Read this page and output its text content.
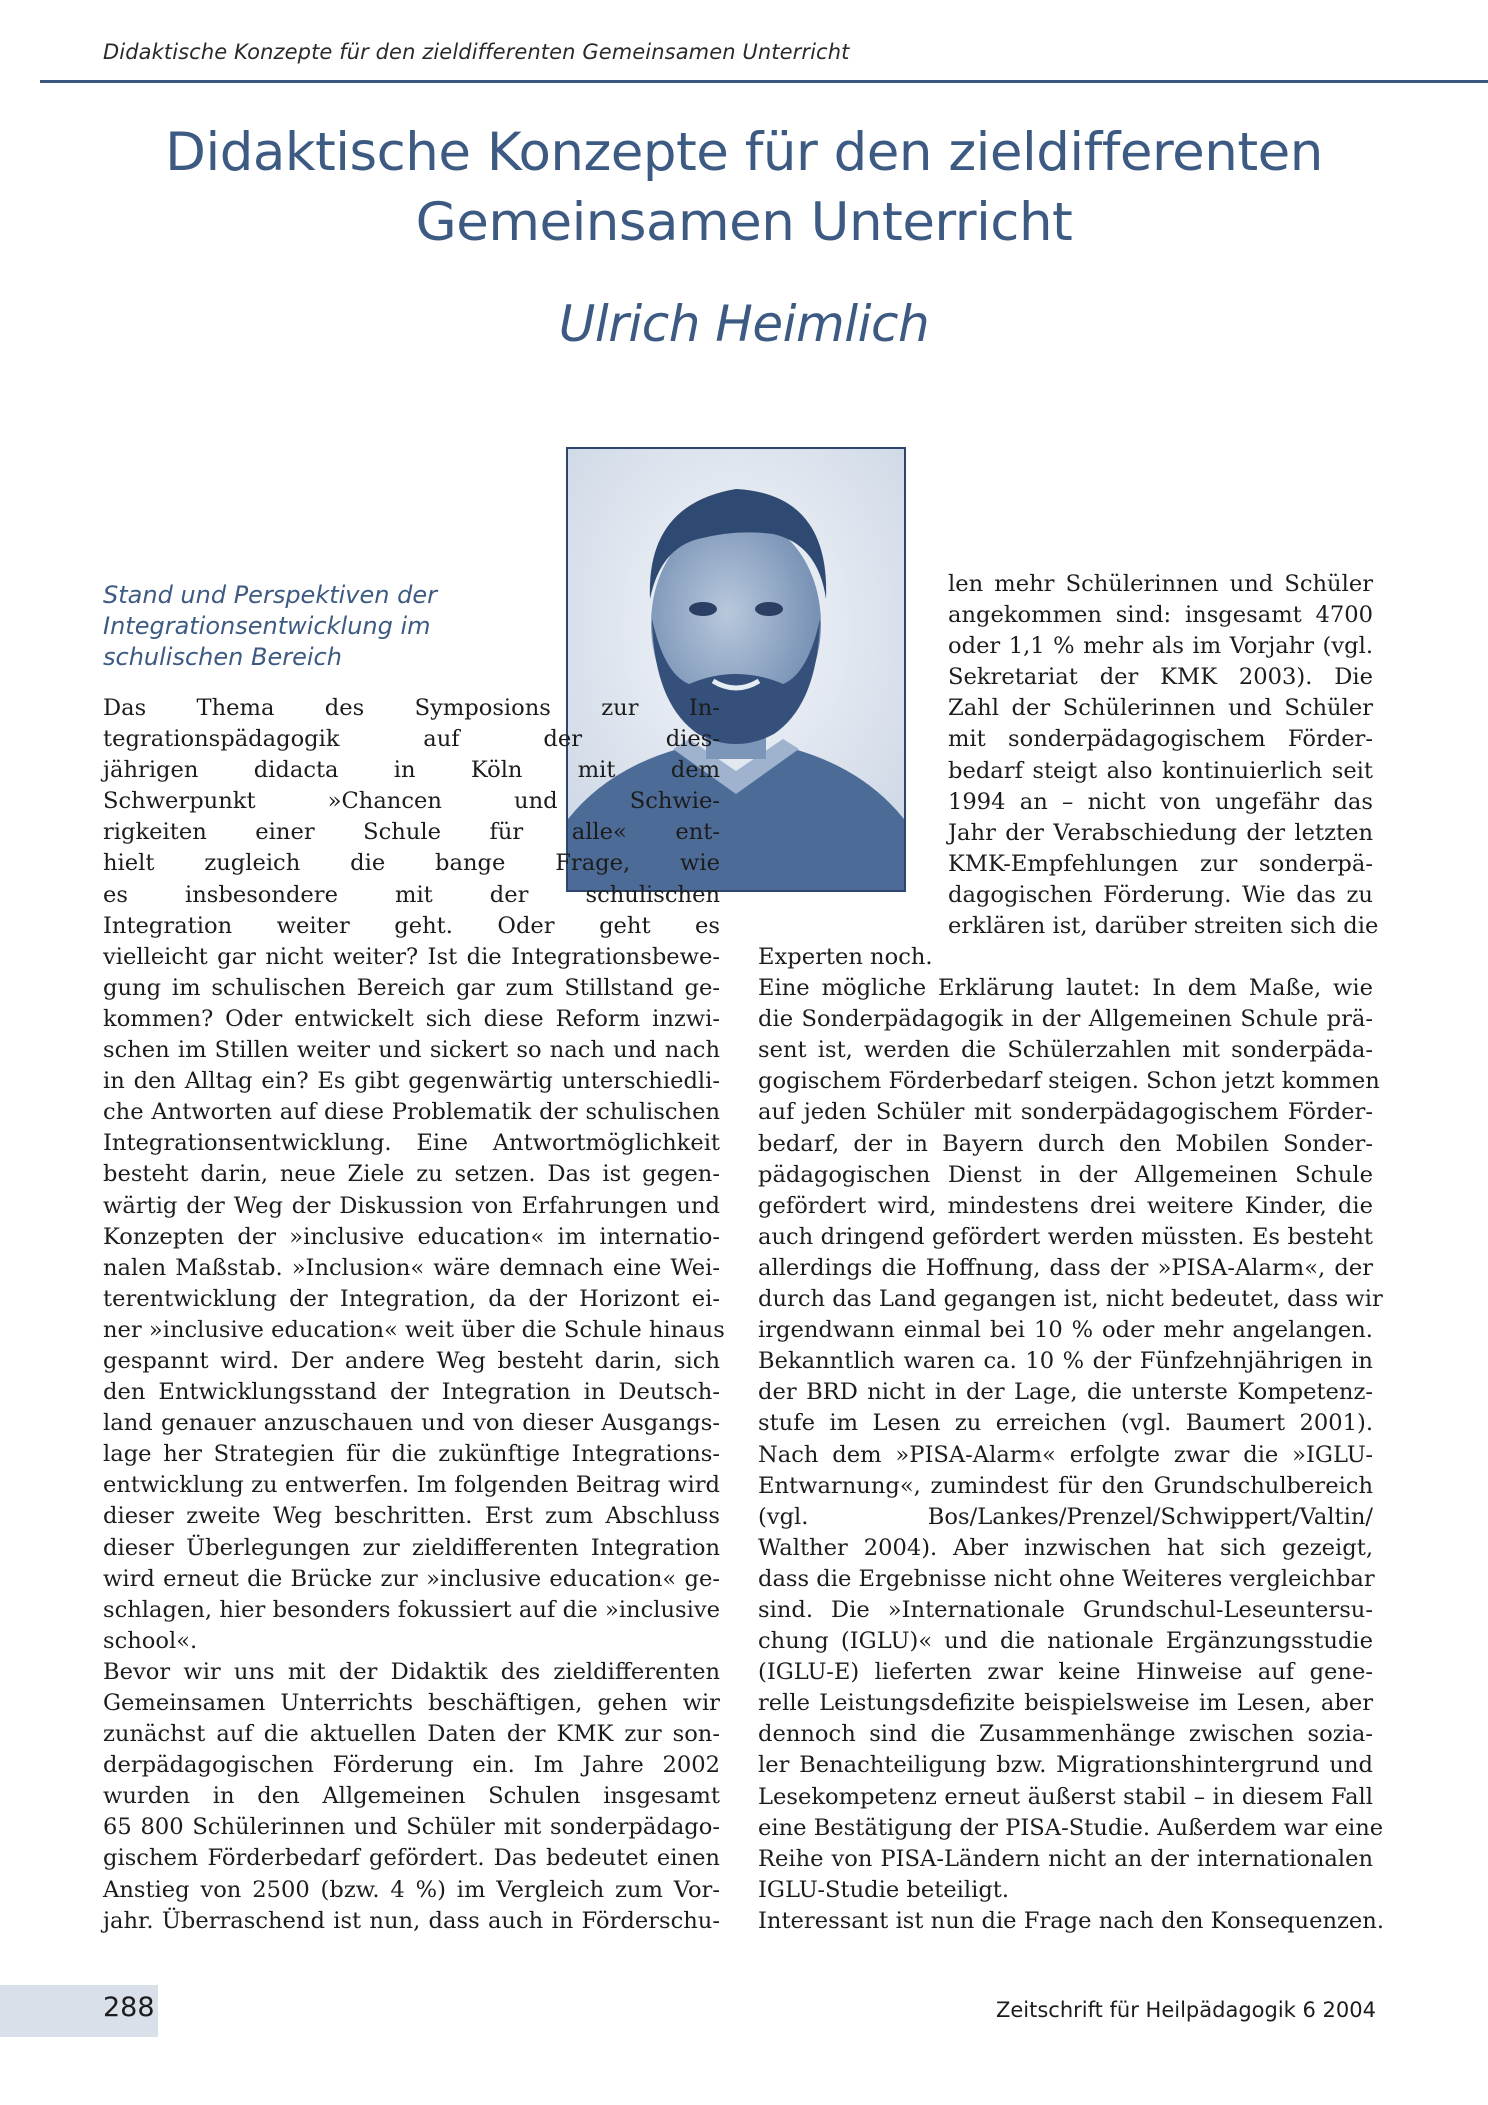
Didaktische Konzepte für den zieldifferenten Gemeinsamen Unterricht
Didaktische Konzepte für den zieldifferenten
Gemeinsamen Unterricht
Ulrich Heimlich
Stand und Perspektiven der
Integrationsentwicklung im
schulischen Bereich
Das Thema des Symposions zur In-
tegrationspädagogik auf der dies-
jährigen didacta in Köln mit dem
Schwerpunkt »Chancen und Schwie-
rigkeiten einer Schule für alle« ent-
hielt zugleich die bange Frage, wie
es insbesondere mit der schulischen
Integration weiter geht. Oder geht es
vielleicht gar nicht weiter? Ist die Integrationsbewe-
gung im schulischen Bereich gar zum Stillstand ge-
kommen? Oder entwickelt sich diese Reform inzwi-
schen im Stillen weiter und sickert so nach und nach
in den Alltag ein? Es gibt gegenwärtig unterschiedli-
che Antworten auf diese Problematik der schulischen
Integrationsentwicklung. Eine Antwortmöglichkeit
besteht darin, neue Ziele zu setzen. Das ist gegen-
wärtig der Weg der Diskussion von Erfahrungen und
Konzepten der »inclusive education« im internatio-
nalen Maßstab. »Inclusion« wäre demnach eine Wei-
terentwicklung der Integration, da der Horizont ei-
ner »inclusive education« weit über die Schule hinaus
gespannt wird. Der andere Weg besteht darin, sich
den Entwicklungsstand der Integration in Deutsch-
land genauer anzuschauen und von dieser Ausgangs-
lage her Strategien für die zukünftige Integrations-
entwicklung zu entwerfen. Im folgenden Beitrag wird
dieser zweite Weg beschritten. Erst zum Abschluss
dieser Überlegungen zur zieldifferenten Integration
wird erneut die Brücke zur »inclusive education« ge-
schlagen, hier besonders fokussiert auf die »inclusive
school«.
Bevor wir uns mit der Didaktik des zieldifferenten
Gemeinsamen Unterrichts beschäftigen, gehen wir
zunächst auf die aktuellen Daten der KMK zur son-
derpädagogischen Förderung ein. Im Jahre 2002
wurden in den Allgemeinen Schulen insgesamt
65 800 Schülerinnen und Schüler mit sonderpädago-
gischem Förderbedarf gefördert. Das bedeutet einen
Anstieg von 2500 (bzw. 4 %) im Vergleich zum Vor-
jahr. Überraschend ist nun, dass auch in Förderschu-
len mehr Schülerinnen und Schüler
angekommen sind: insgesamt 4700
oder 1,1 % mehr als im Vorjahr (vgl.
Sekretariat der KMK 2003). Die
Zahl der Schülerinnen und Schüler
mit sonderpädagogischem Förder-
bedarf steigt also kontinuierlich seit
1994 an – nicht von ungefähr das
Jahr der Verabschiedung der letzten
KMK-Empfehlungen zur sonderpä-
dagogischen Förderung. Wie das zu
erklären ist, darüber streiten sich die
Experten noch.
Eine mögliche Erklärung lautet: In dem Maße, wie
die Sonderpädagogik in der Allgemeinen Schule prä-
sent ist, werden die Schülerzahlen mit sonderpäda-
gogischem Förderbedarf steigen. Schon jetzt kommen
auf jeden Schüler mit sonderpädagogischem Förder-
bedarf, der in Bayern durch den Mobilen Sonder-
pädagogischen Dienst in der Allgemeinen Schule
gefördert wird, mindestens drei weitere Kinder, die
auch dringend gefördert werden müssten. Es besteht
allerdings die Hoffnung, dass der »PISA-Alarm«, der
durch das Land gegangen ist, nicht bedeutet, dass wir
irgendwann einmal bei 10 % oder mehr angelangen.
Bekanntlich waren ca. 10 % der Fünfzehnjährigen in
der BRD nicht in der Lage, die unterste Kompetenz-
stufe im Lesen zu erreichen (vgl. Baumert 2001).
Nach dem »PISA-Alarm« erfolgte zwar die »IGLU-
Entwarnung«, zumindest für den Grundschulbereich
(vgl. Bos/Lankes/Prenzel/Schwippert/Valtin/
Walther 2004). Aber inzwischen hat sich gezeigt,
dass die Ergebnisse nicht ohne Weiteres vergleichbar
sind. Die »Internationale Grundschul-Leseuntersu-
chung (IGLU)« und die nationale Ergänzungsstudie
(IGLU-E) lieferten zwar keine Hinweise auf gene-
relle Leistungsdefizite beispielsweise im Lesen, aber
dennoch sind die Zusammenhänge zwischen sozia-
ler Benachteiligung bzw. Migrationshintergrund und
Lesekompetenz erneut äußerst stabil – in diesem Fall
eine Bestätigung der PISA-Studie. Außerdem war eine
Reihe von PISA-Ländern nicht an der internationalen
IGLU-Studie beteiligt.
Interessant ist nun die Frage nach den Konsequenzen.
288	Zeitschrift für Heilpädagogik 6 2004
